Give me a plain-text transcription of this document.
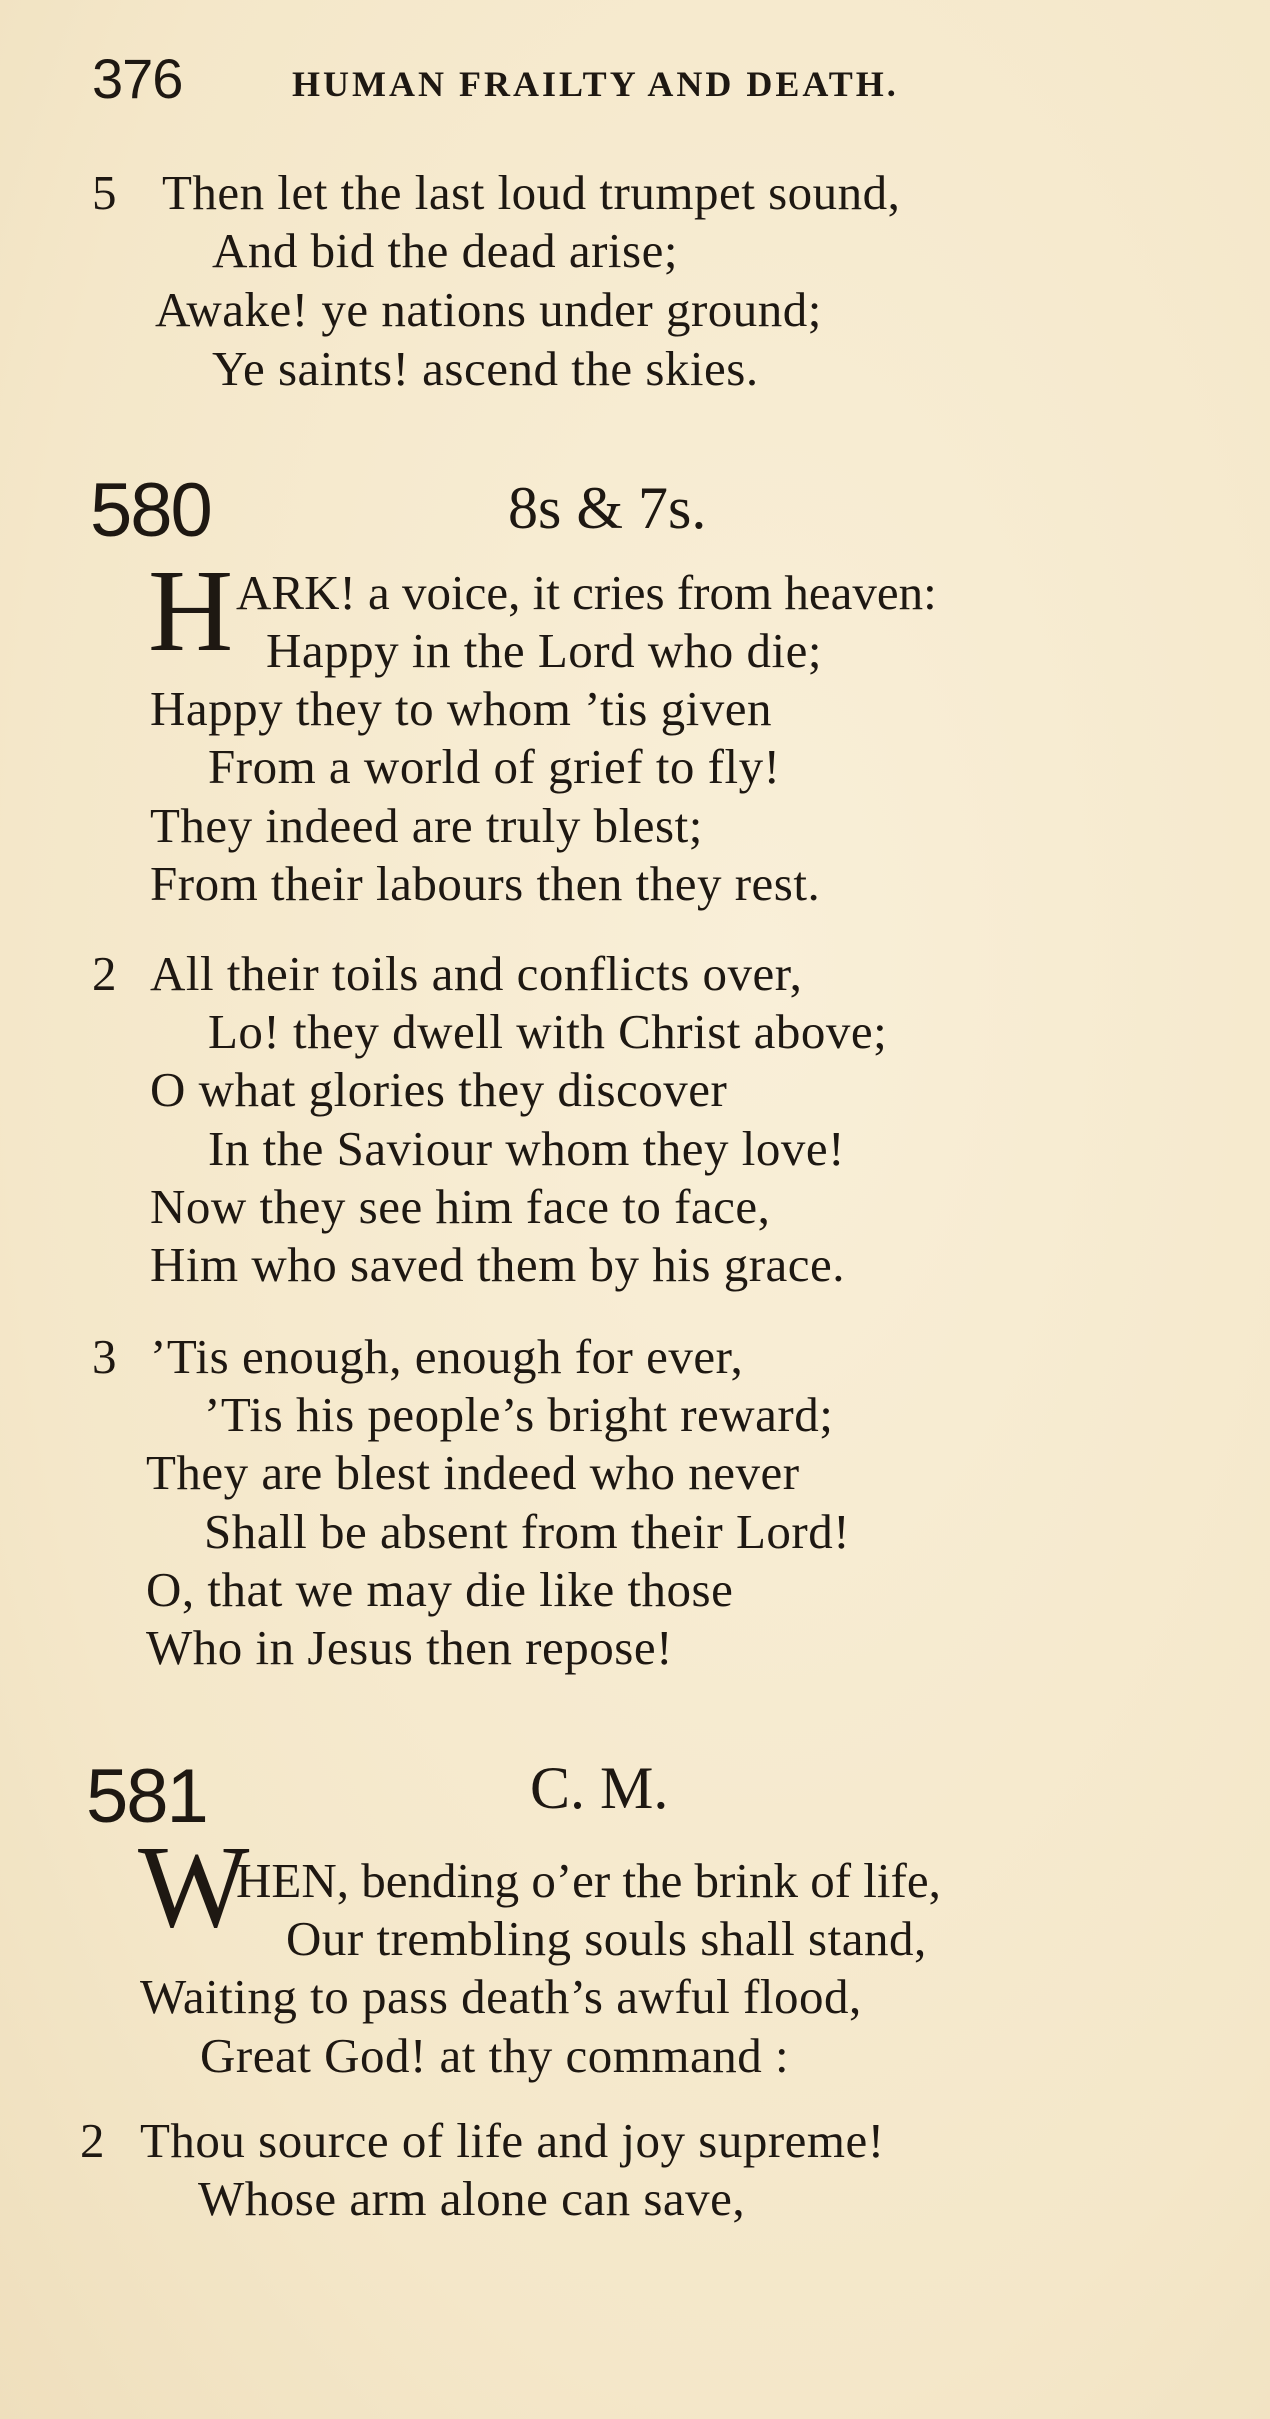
376	HUMAN FRAILTY AND DEATH.
5 Then let the last loud trumpet sound,
And bid the dead arise;
Awake! ye nations under ground;
Ye saints! ascend the skies.
580	8s & 7s.
H ARK! a voice, it cries from heaven:
Happy in the Lord who die;
Happy they to whom ’tis given
From a world of grief to fly!
They indeed are truly blest;
From their labours then they rest.
2 All their toils and conflicts over,
Lo! they dwell with Christ above;
O what glories they discover
In the Saviour whom they love!
Now they see him face to face,
Him who saved them by his grace.
3 ’Tis enough, enough for ever,
’Tis his people’s bright reward;
They are blest indeed who never
Shall be absent from their Lord!
O, that we may die like those
Who in Jesus then repose!
581	C. M.
W
HEN, bending o’er the brink of life,
Our trembling souls shall stand,
Waiting to pass death’s awful flood,
Great God! at thy command :
2 Thou source of life and joy supreme!
Whose arm alone can save,
